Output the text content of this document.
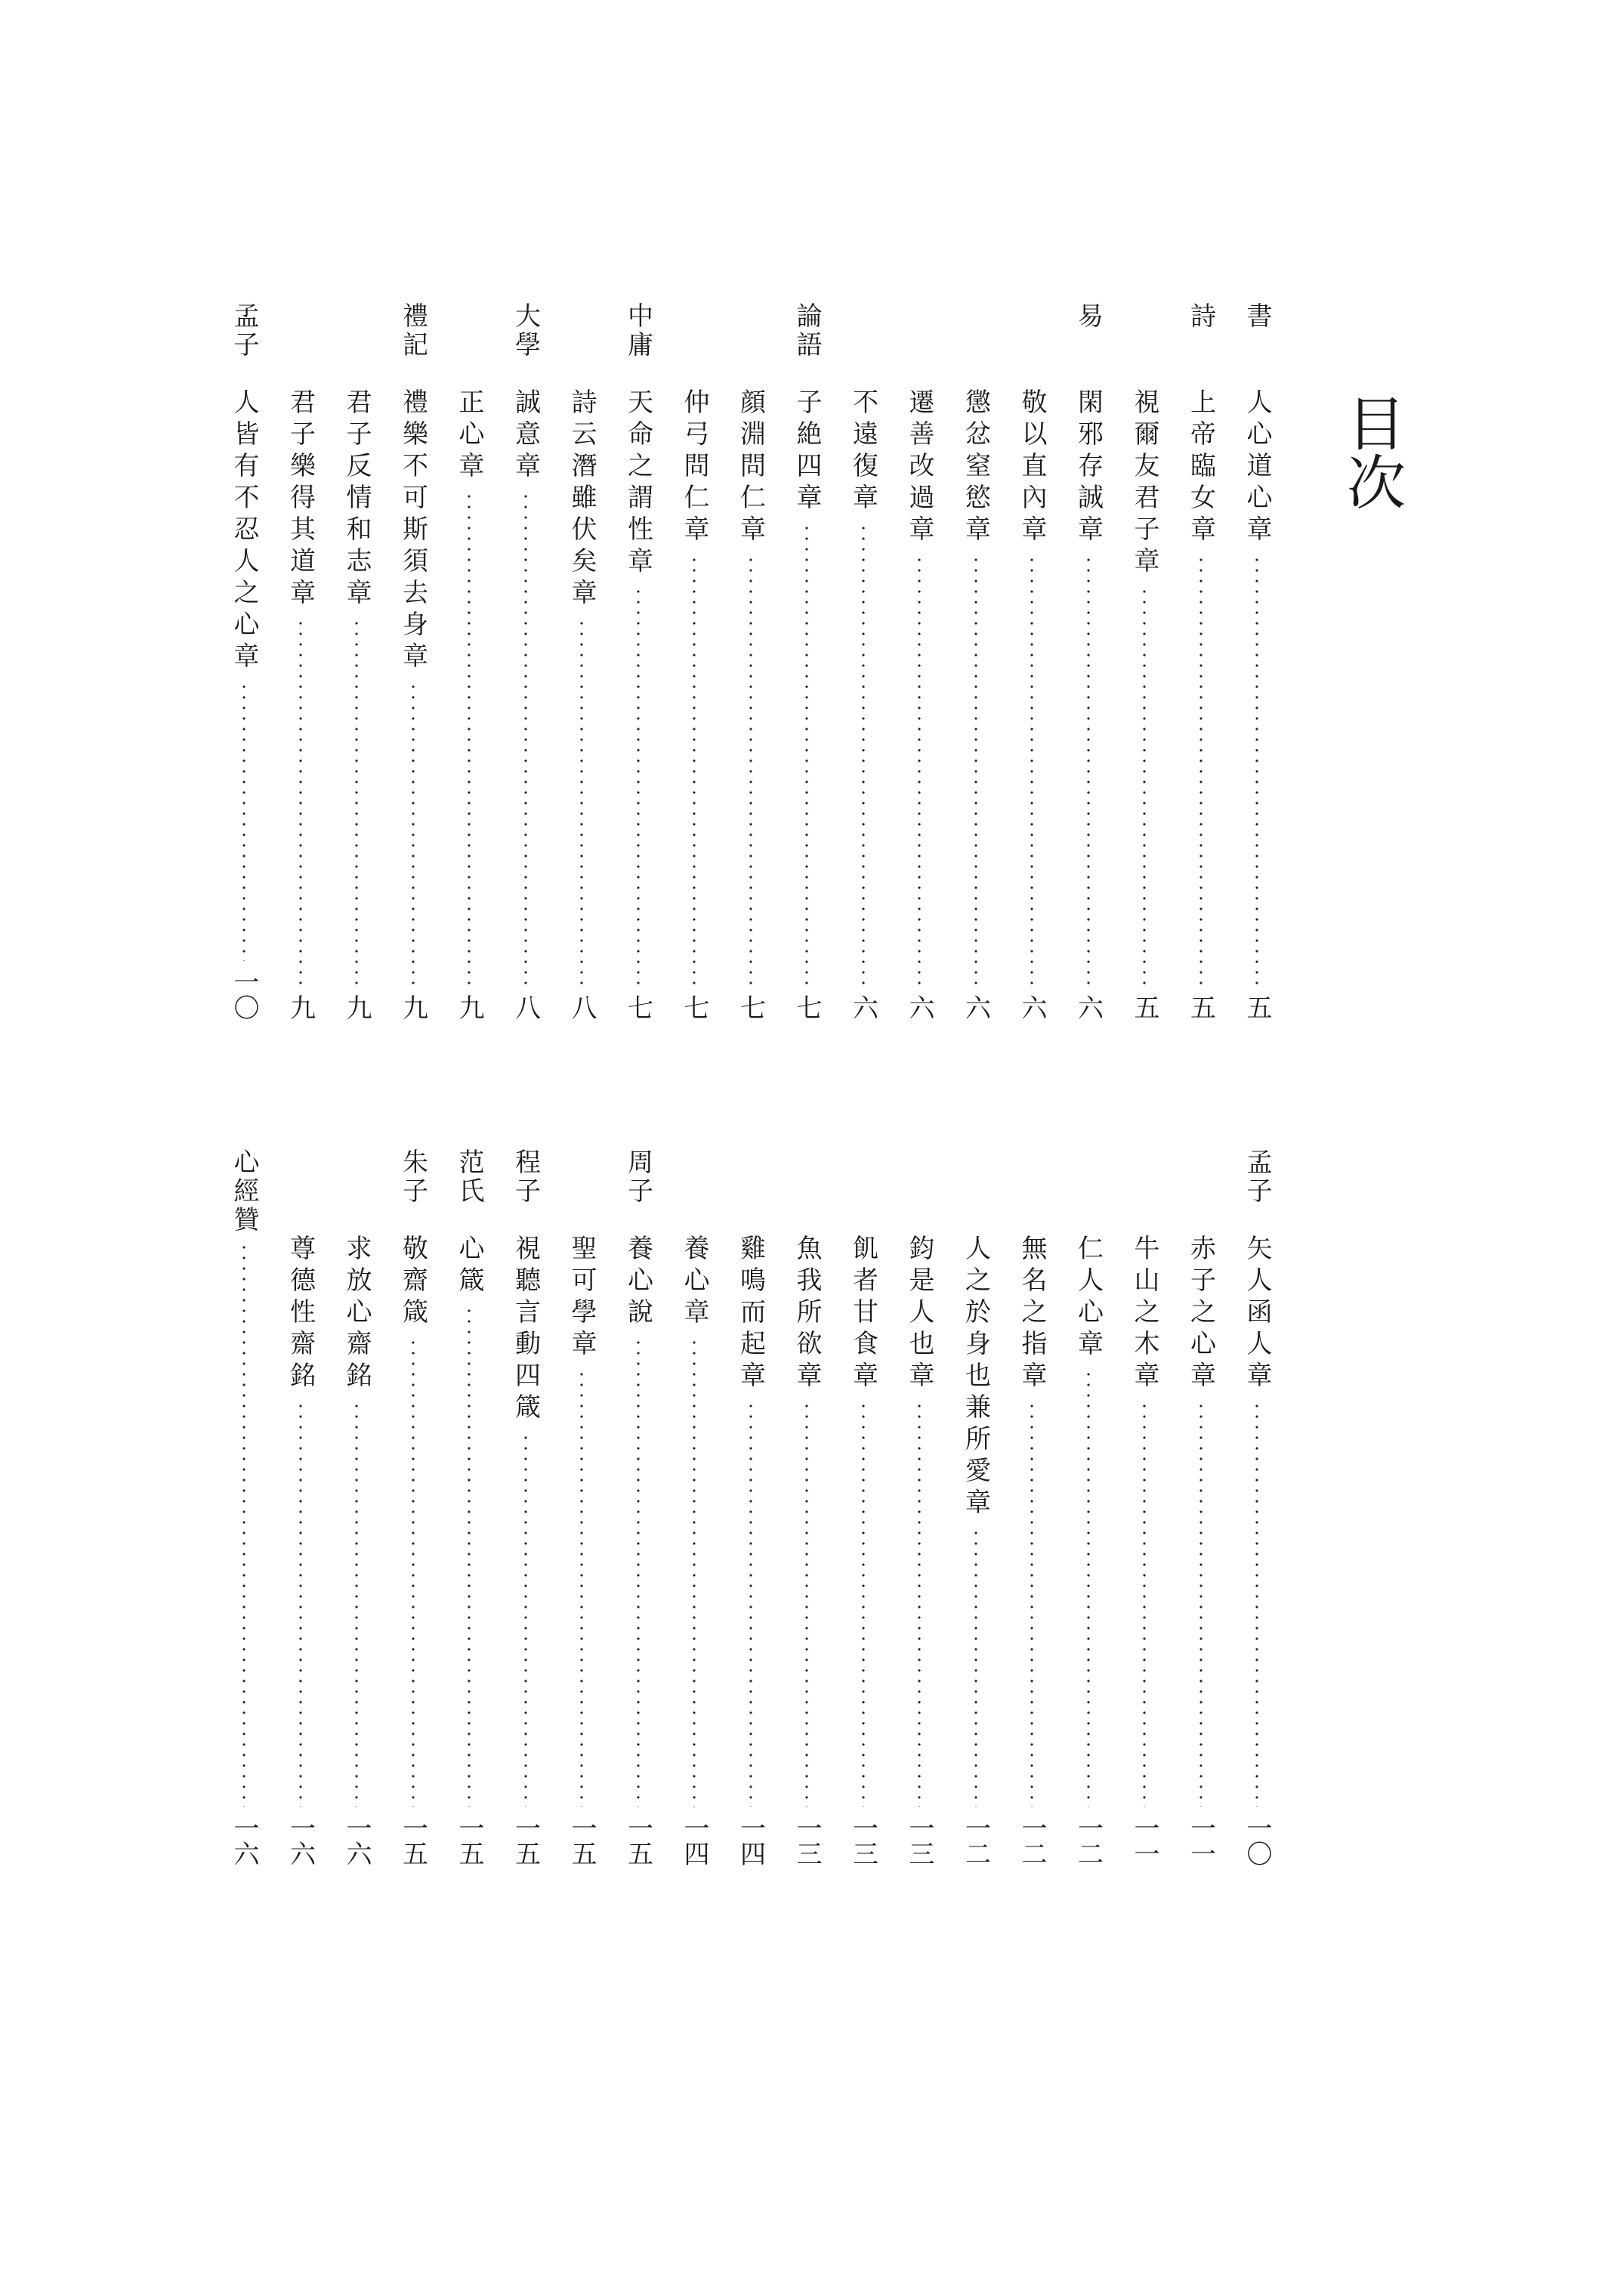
目次
書
人心道心章
五
詩
上帝臨女章
五
視爾友君子章
五
易
閑邪存誠章
六
敬以直內章
六
懲忿窒慾章
六
遷善改過章
六
不遠復章
六
論語
子絶四章
七
顔淵問仁章
七
仲弓問仁章
七
中庸
天命之謂性章
七
詩云潛雖伏矣章
八
大學
誠意章
八
正心章
九
禮記
禮樂不可斯須去身章
九
君子反情和志章
九
君子樂得其道章
九
孟子
人皆有不忍人之心章
一〇
孟子
矢人函人章
一〇
赤子之心章
一一
牛山之木章
一一
仁人心章
一二
無名之指章
一二
人之於身也兼所愛章
一二
鈞是人也章
一三
飢者甘食章
一三
魚我所欲章
一三
雞鳴而起章
一四
養心章
一四
周子
養心說
一五
聖可學章
一五
程子
視聽言動四箴
一五
范氏
心箴
一五
朱子
敬齋箴
一五
求放心齋銘
一六
尊德性齋銘
一六
心經贊
一六
